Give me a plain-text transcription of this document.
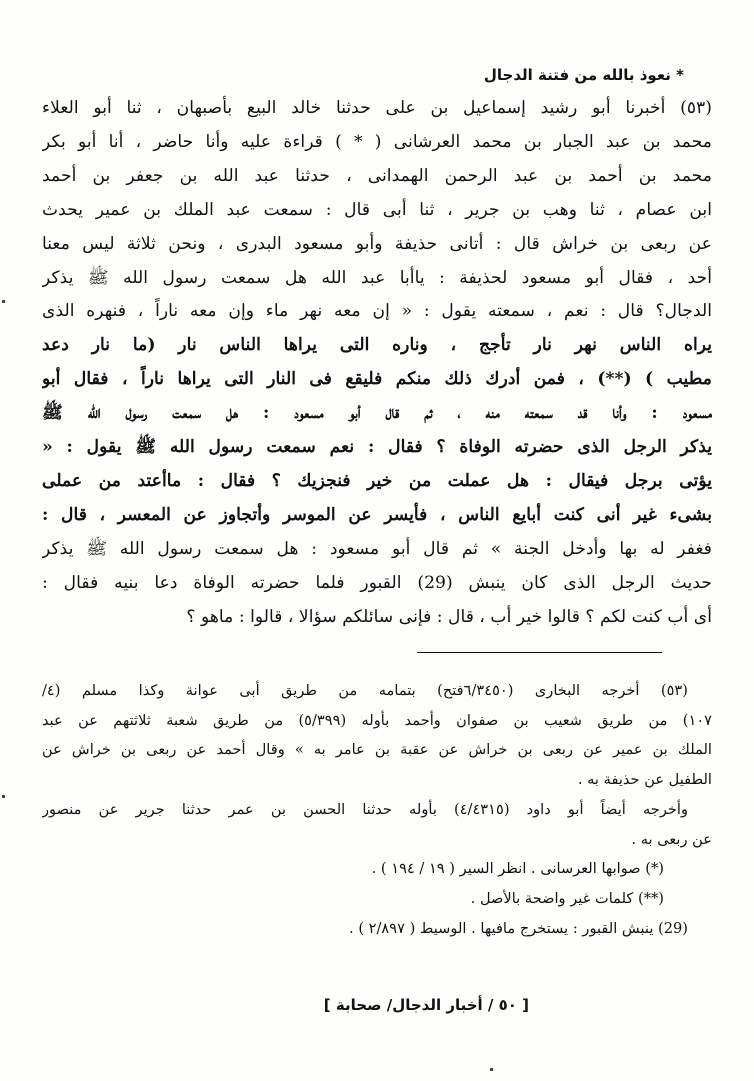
* نعوذ بالله من فتنة الدجال
(٥٣) أخبرنا أبو رشيد إسماعيل بن على حدثنا خالد البيع بأصبهان ، ثنا أبو العلاء
محمد بن عبد الجبار بن محمد العرشانى ( * ) قراءة عليه وأنا حاضر ، أنا أبو بكر
محمد بن أحمد بن عبد الرحمن الهمدانى ، حدثنا عبد الله بن جعفر بن أحمد
ابن عصام ، ثنا وهب بن جرير ، ثنا أبى قال : سمعت عبد الملك بن عمير يحدث
عن ربعى بن خراش قال : أتانى حذيفة وأبو مسعود البدرى ، ونحن ثلاثة ليس معنا
أحد ، فقال أبو مسعود لحذيفة : ياأبا عبد الله هل سمعت رسول الله ﷺ يذكر
الدجال؟ قال : نعم ، سمعته يقول : « إن معه نهر ماء وإن معه ناراً ، فنهره الذى
يراه الناس نهر نار تأجج ، وناره التى يراها الناس نار (ما نار دعد
مطيب ) (**) ، فمن أدرك ذلك منكم فليقع فى النار التى يراها ناراً ، فقال أبو
مسعود : وأنا قد سمعته منه ، ثم قال أبو مسعود : هل سمعت رسول الله ﷺ
يذكر الرجل الذى حضرته الوفاة ؟ فقال : نعم سمعت رسول الله ﷺ يقول : «
يؤتى برجل فيقال : هل عملت من خير فنجزيك ؟ فقال : ماأعتد من عملى
بشىء غير أنى كنت أبايع الناس ، فأيسر عن الموسر وأتجاوز عن المعسر ، قال :
فغفر له بها وأدخل الجنة » ثم قال أبو مسعود : هل سمعت رسول الله ﷺ يذكر
حديث الرجل الذى كان ينبش (29) القبور فلما حضرته الوفاة دعا بنيه فقال :
أى أب كنت لكم ؟ قالوا خير أب ، قال : فإنى سائلكم سؤالا ، قالوا : ماهو ؟
(٥٣) أخرجه البخارى (٦/٣٤٥٠فتح) بتمامه من طريق أبى عوانة وكذا مسلم (٤/
١٠٧) من طريق شعيب بن صفوان وأحمد بأوله (٥/٣٩٩) من طريق شعبة ثلاثتهم عن عبد
الملك بن عمير عن ربعى بن خراش عن عقبة بن عامر به » وقال أحمد عن ربعى بن خراش عن
الطفيل عن حذيفة به .
وأخرجه أيضاً أبو داود (٤/٤٣١٥) بأوله حدثنا الحسن بن عمر حدثنا جرير عن منصور
عن ربعى به .
(*) صوابها العرسانى . انظر السير ( ١٩ / ١٩٤ ) .
(**) كلمات غير واضحة بالأصل .
(29) ينبش القبور : يستخرج مافيها . الوسيط ( ٢/٨٩٧ ) .
[ ٥٠ / أخبار الدجال/ صحابة ]
